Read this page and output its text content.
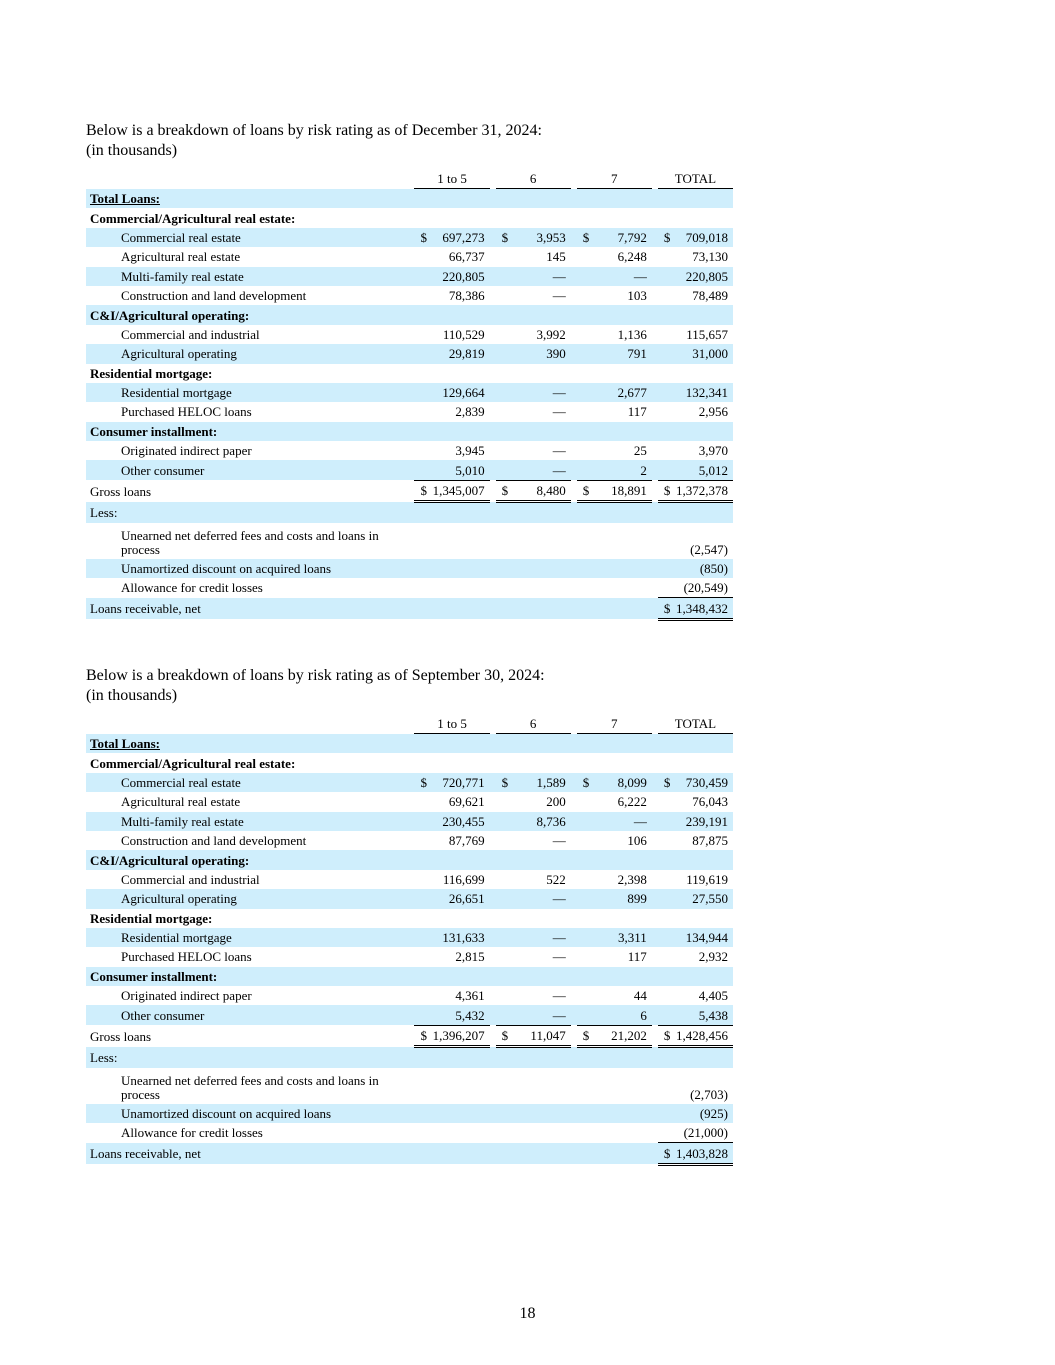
Below is a breakdown of loans by risk rating as of December 31, 2024:

(in thousands)

		1 to 5		6		7		TOTAL

Total Loans:								
Commercial/Agricultural real estate:								
Commercial real estate		$ 697,273		$ 3,953		$ 7,792		$ 709,018
Agricultural real estate		66,737		145		6,248		73,130
Multi-family real estate		220,805		—		—		220,805
Construction and land development		78,386		—		103		78,489
C&I/Agricultural operating:								
Commercial and industrial		110,529		3,992		1,136		115,657
Agricultural operating		29,819		390		791		31,000
Residential mortgage:								
Residential mortgage		129,664		—		2,677		132,341
Purchased HELOC loans		2,839		—		117		2,956
Consumer installment:								
Originated indirect paper		3,945		—		25		3,970
Other consumer		5,010		—		2		5,012
Gross loans		$ 1,345,007		$ 8,480		$ 18,891		$ 1,372,378
Less:								
Unearned net deferred fees and costs and loans in process								(2,547)
Unamortized discount on acquired loans								(850)
Allowance for credit losses								(20,549)
Loans receivable, net								$ 1,348,432

Below is a breakdown of loans by risk rating as of September 30, 2024:

(in thousands)

		1 to 5		6		7		TOTAL

Total Loans:								
Commercial/Agricultural real estate:								
Commercial real estate		$ 720,771		$ 1,589		$ 8,099		$ 730,459
Agricultural real estate		69,621		200		6,222		76,043
Multi-family real estate		230,455		8,736		—		239,191
Construction and land development		87,769		—		106		87,875
C&I/Agricultural operating:								
Commercial and industrial		116,699		522		2,398		119,619
Agricultural operating		26,651		—		899		27,550
Residential mortgage:								
Residential mortgage		131,633		—		3,311		134,944
Purchased HELOC loans		2,815		—		117		2,932
Consumer installment:								
Originated indirect paper		4,361		—		44		4,405
Other consumer		5,432		—		6		5,438
Gross loans		$ 1,396,207		$ 11,047		$ 21,202		$ 1,428,456
Less:								
Unearned net deferred fees and costs and loans in process								(2,703)
Unamortized discount on acquired loans								(925)
Allowance for credit losses								(21,000)
Loans receivable, net								$ 1,403,828
18
